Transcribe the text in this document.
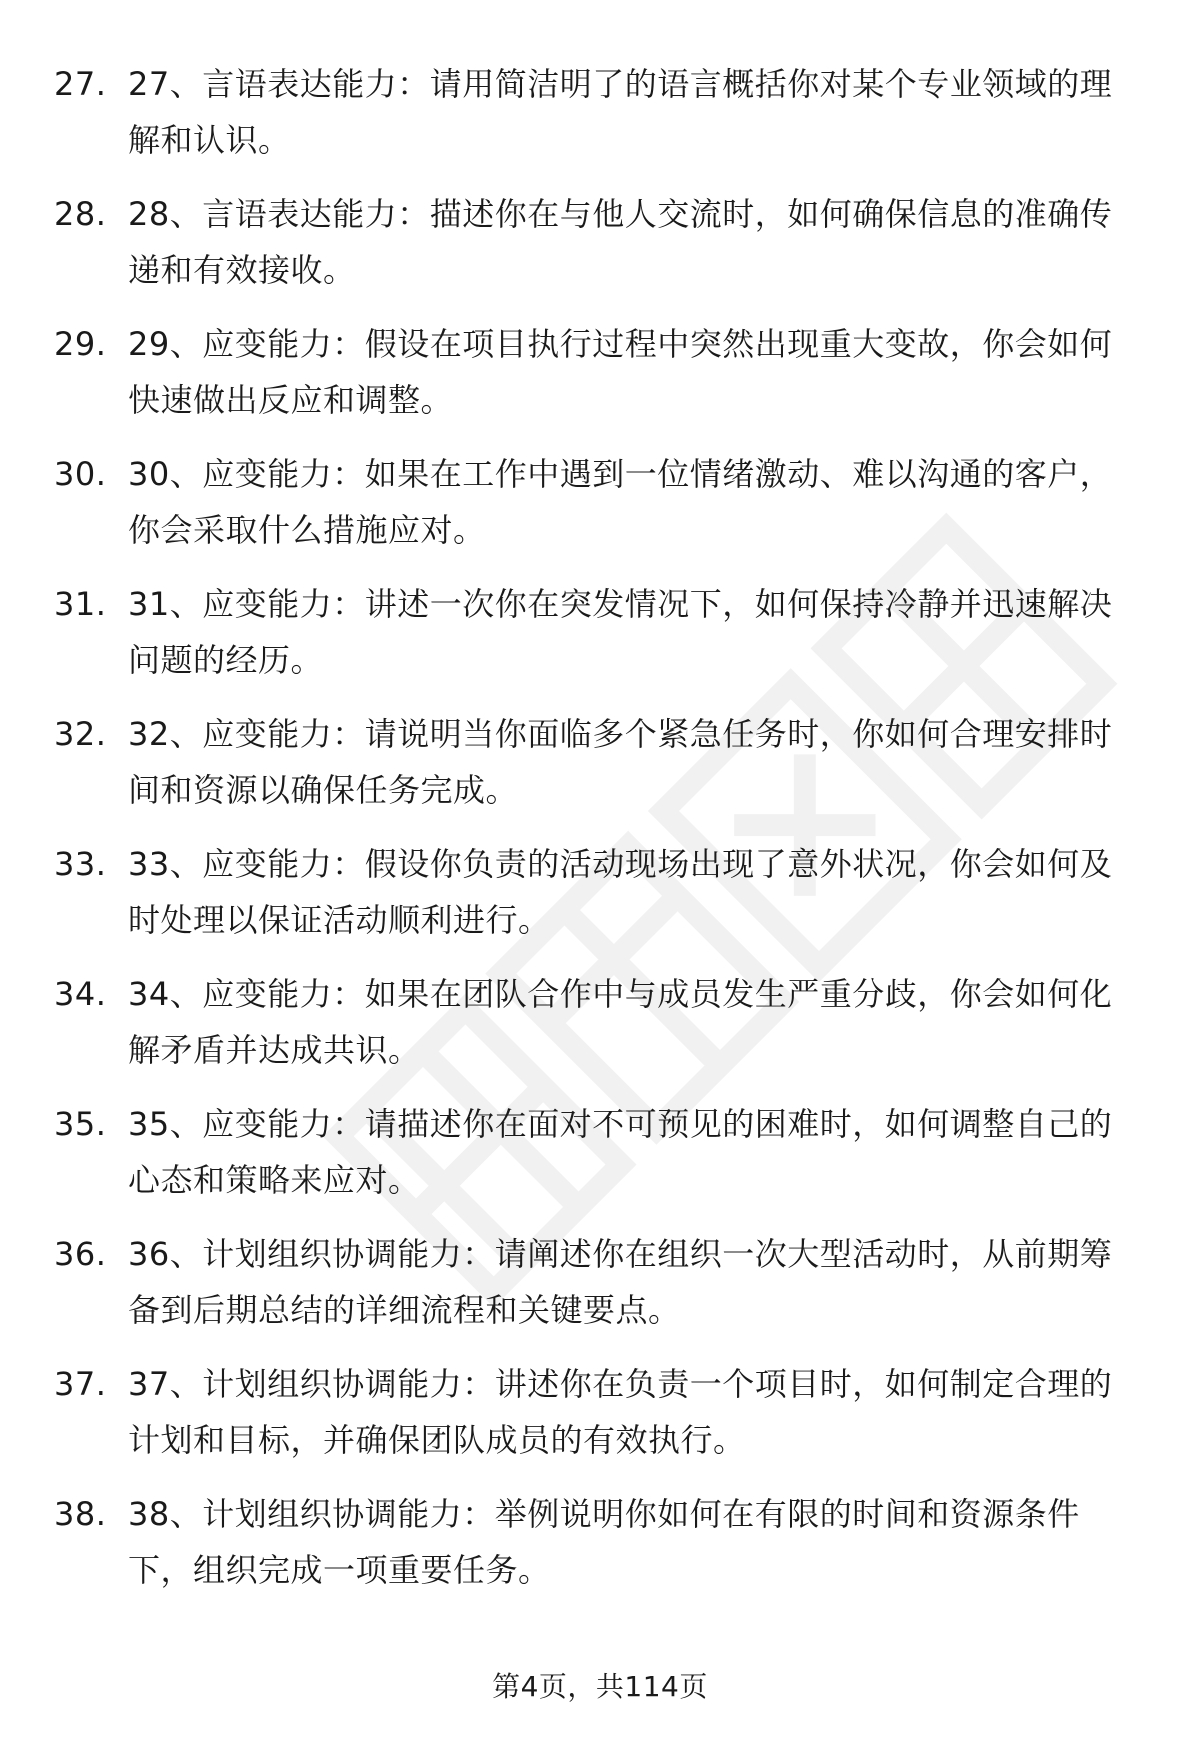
27. 27、言语表达能力：请用简洁明了的语言概括你对某个专业领域的理解和认识。
28. 28、言语表达能力：描述你在与他人交流时，如何确保信息的准确传递和有效接收。
29. 29、应变能力：假设在项目执行过程中突然出现重大变故，你会如何快速做出反应和调整。
30. 30、应变能力：如果在工作中遇到一位情绪激动、难以沟通的客户，你会采取什么措施应对。
31. 31、应变能力：讲述一次你在突发情况下，如何保持冷静并迅速解决问题的经历。
32. 32、应变能力：请说明当你面临多个紧急任务时，你如何合理安排时间和资源以确保任务完成。
33. 33、应变能力：假设你负责的活动现场出现了意外状况，你会如何及时处理以保证活动顺利进行。
34. 34、应变能力：如果在团队合作中与成员发生严重分歧，你会如何化解矛盾并达成共识。
35. 35、应变能力：请描述你在面对不可预见的困难时，如何调整自己的心态和策略来应对。
36. 36、计划组织协调能力：请阐述你在组织一次大型活动时，从前期筹备到后期总结的详细流程和关键要点。
37. 37、计划组织协调能力：讲述你在负责一个项目时，如何制定合理的计划和目标，并确保团队成员的有效执行。
38. 38、计划组织协调能力：举例说明你如何在有限的时间和资源条件下，组织完成一项重要任务。
第4页，共114页
